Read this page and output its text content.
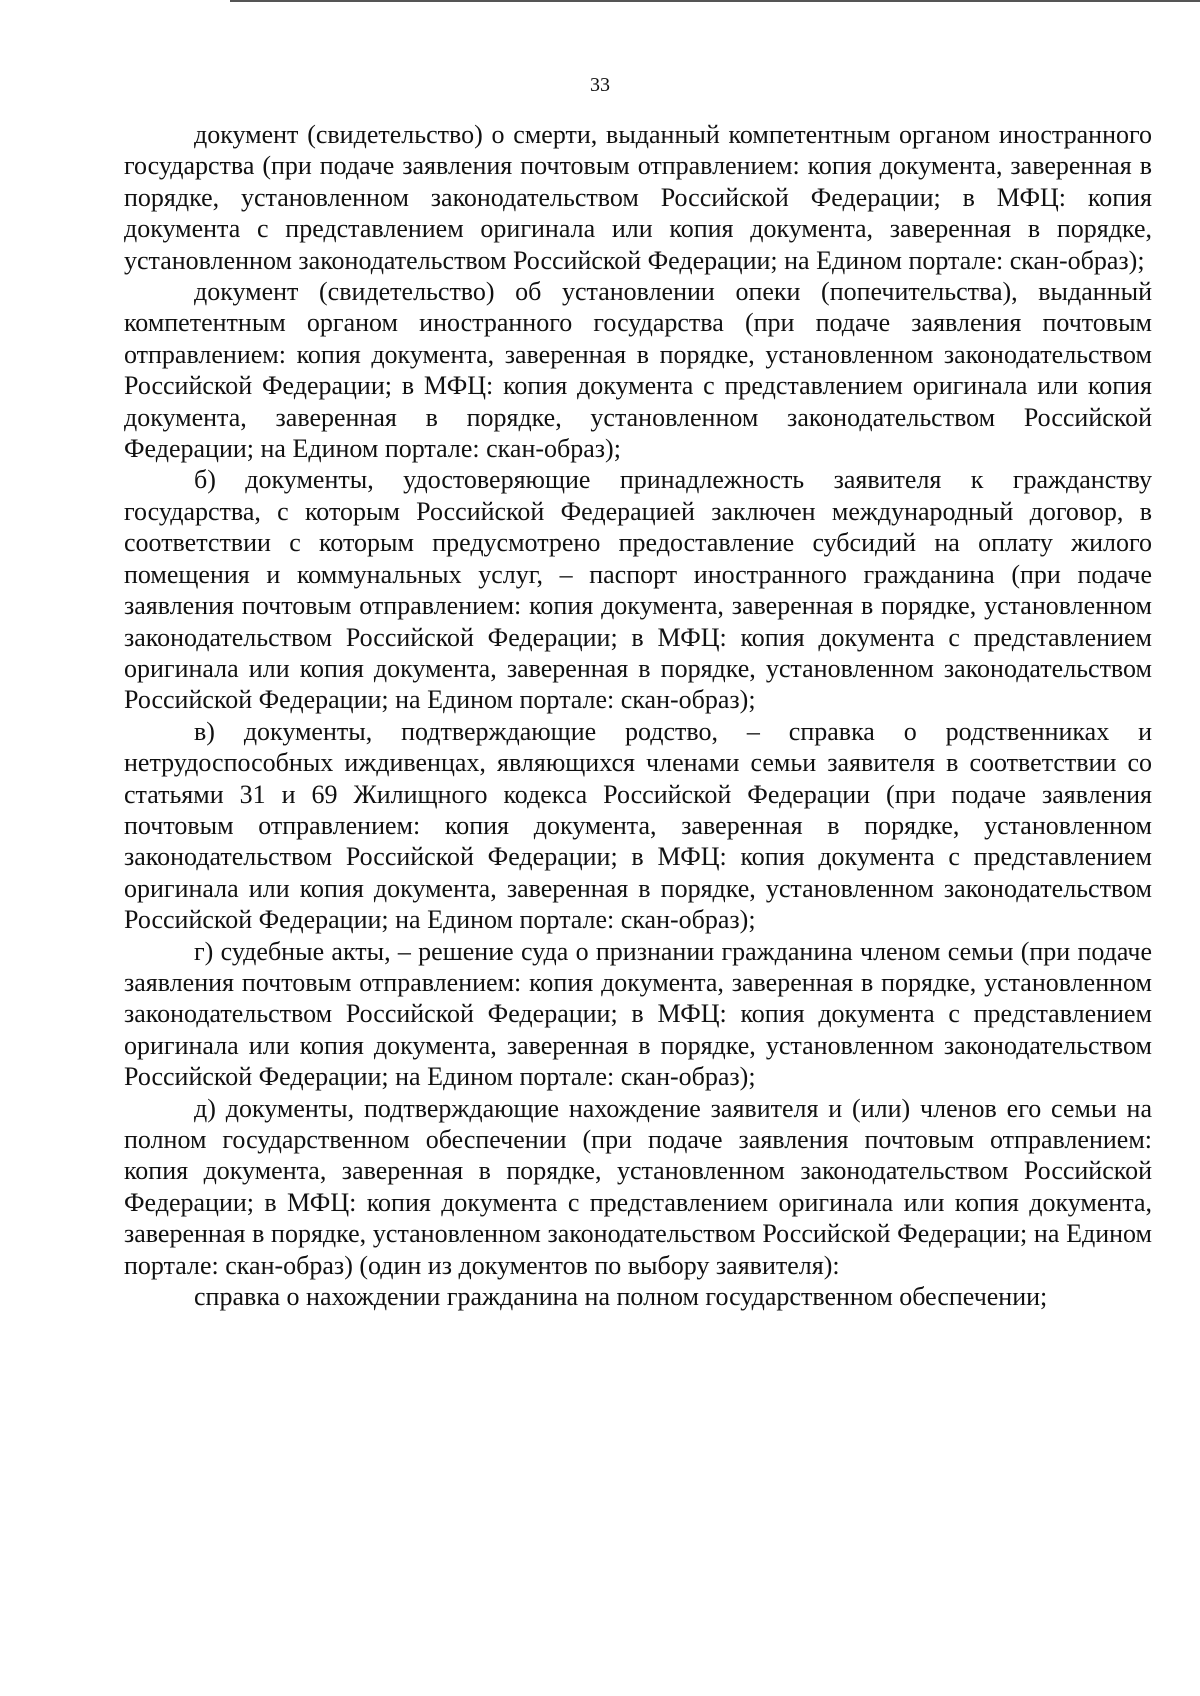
33

документ (свидетельство) о смерти, выданный компетентным органом иностранного государства (при подаче заявления почтовым отправлением: копия документа, заверенная в порядке, установленном законодательством Российской Федерации; в МФЦ: копия документа с представлением оригинала или копия документа, заверенная в порядке, установленном законодательством Российской Федерации; на Едином портале: скан-образ);

документ (свидетельство) об установлении опеки (попечительства), выданный компетентным органом иностранного государства (при подаче заявления почтовым отправлением: копия документа, заверенная в порядке, установленном законодательством Российской Федерации; в МФЦ: копия документа с представлением оригинала или копия документа, заверенная в порядке, установленном законодательством Российской Федерации; на Едином портале: скан-образ);

б) документы, удостоверяющие принадлежность заявителя к гражданству государства, с которым Российской Федерацией заключен международный договор, в соответствии с которым предусмотрено предоставление субсидий на оплату жилого помещения и коммунальных услуг, – паспорт иностранного гражданина (при подаче заявления почтовым отправлением: копия документа, заверенная в порядке, установленном законодательством Российской Федерации; в МФЦ: копия документа с представлением оригинала или копия документа, заверенная в порядке, установленном законодательством Российской Федерации; на Едином портале: скан-образ);

в) документы, подтверждающие родство, – справка о родственниках и нетрудоспособных иждивенцах, являющихся членами семьи заявителя в соответствии со статьями 31 и 69 Жилищного кодекса Российской Федерации (при подаче заявления почтовым отправлением: копия документа, заверенная в порядке, установленном законодательством Российской Федерации; в МФЦ: копия документа с представлением оригинала или копия документа, заверенная в порядке, установленном законодательством Российской Федерации; на Едином портале: скан-образ);

г) судебные акты, – решение суда о признании гражданина членом семьи (при подаче заявления почтовым отправлением: копия документа, заверенная в порядке, установленном законодательством Российской Федерации; в МФЦ: копия документа с представлением оригинала или копия документа, заверенная в порядке, установленном законодательством Российской Федерации; на Едином портале: скан-образ);

д) документы, подтверждающие нахождение заявителя и (или) членов его семьи на полном государственном обеспечении (при подаче заявления почтовым отправлением: копия документа, заверенная в порядке, установленном законодательством Российской Федерации; в МФЦ: копия документа с представлением оригинала или копия документа, заверенная в порядке, установленном законодательством Российской Федерации; на Едином портале: скан-образ) (один из документов по выбору заявителя):

справка о нахождении гражданина на полном государственном обеспечении;
